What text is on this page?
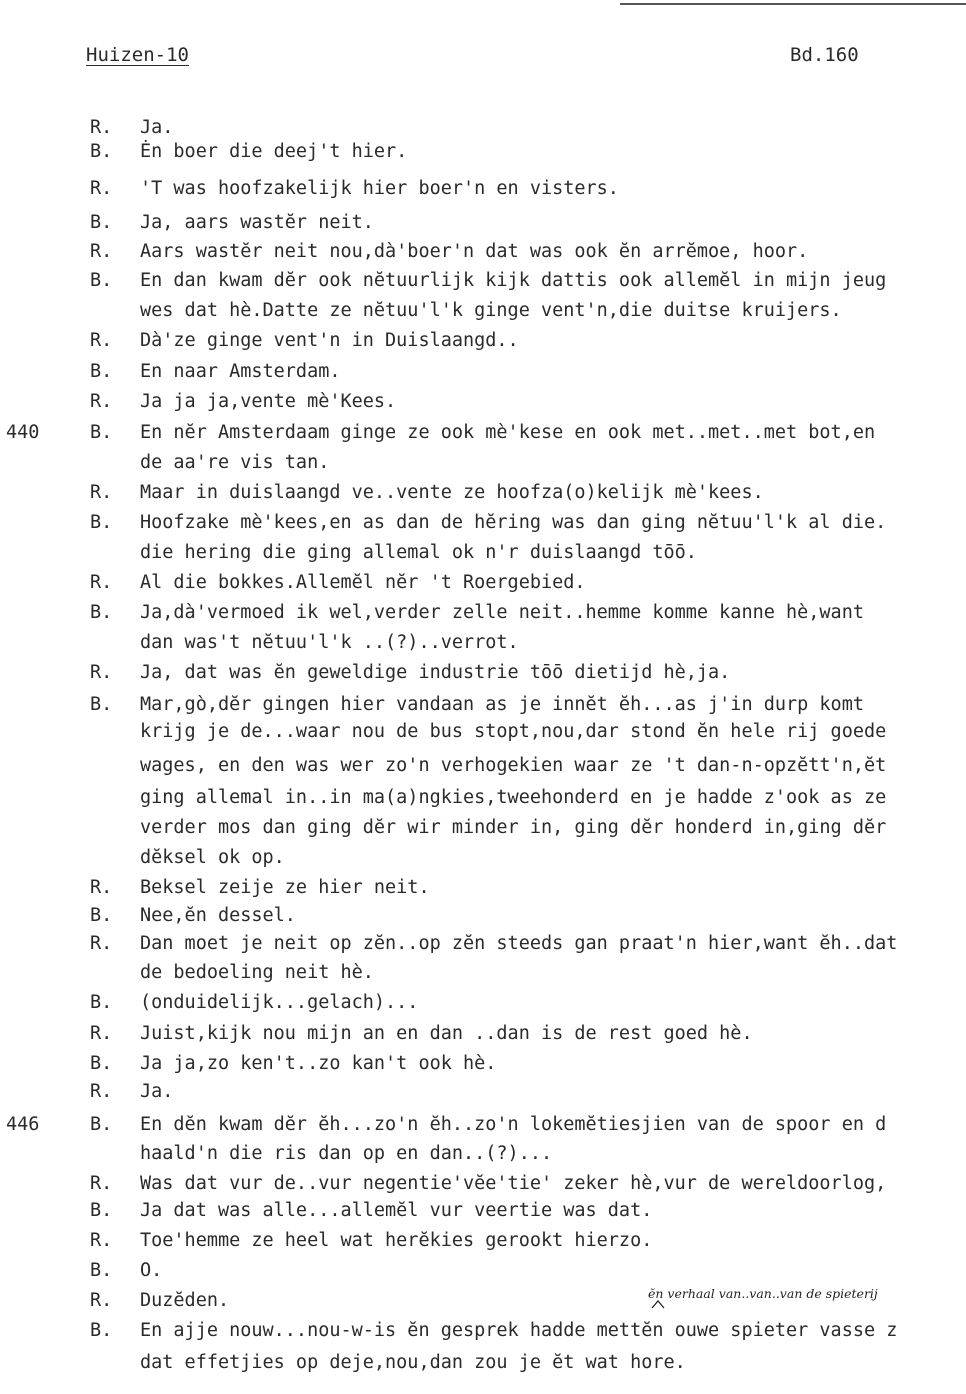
Huizen-10	Bd.160
R. Ja.
B. Ėn boer die deej't hier.
R. 'T was hoofzakelijk hier boer'n en visters.
B. Ja, aars wastĕr neit.
R. Aars wastĕr neit nou,dà'boer'n dat was ook ĕn arrĕmoe, hoor.
B. En dan kwam dĕr ook nĕtuurlijk kijk dattis ook allemĕl in mijn jeug
wes dat hè.Datte ze nĕtuu'l'k ginge vent'n,die duitse kruijers.
R. Dà'ze ginge vent'n in Duislaangd..
B. En naar Amsterdam.
R. Ja ja ja,vente mè'Kees.
440	B. En nĕr Amsterdaam ginge ze ook mè'kese en ook met..met..met bot,en
de aa're vis tan.
R. Maar in duislaangd ve..vente ze hoofza(o)kelijk mè'kees.
B. Hoofzake mè'kees,en as dan de hĕring was dan ging nĕtuu'l'k al die.
die hering die ging allemal ok n'r duislaangd tōō.
R. Al die bokkes.Allemĕl nĕr 't Roergebied.
B. Ja,dà'vermoed ik wel,verder zelle neit..hemme komme kanne hè,want
dan was't nĕtuu'l'k ..(?)..verrot.
R. Ja, dat was ĕn geweldige industrie tōō dietijd hè,ja.
B. Mar,gò,dĕr gingen hier vandaan as je innĕt ĕh...as j'in durp komt
krijg je de...waar nou de bus stopt,nou,dar stond ĕn hele rij goede
wages, en den was wer zo'n verhogekien waar ze 't dan-n-opzĕtt'n,ĕt
ging allemal in..in ma(a)ngkies,tweehonderd en je hadde z'ook as ze
verder mos dan ging dĕr wir minder in, ging dĕr honderd in,ging dĕr
dĕksel ok op.
R. Beksel zeije ze hier neit.
B. Nee,ĕn dessel.
R. Dan moet je neit op zĕn..op zĕn steeds gan praat'n hier,want ĕh..dat
de bedoeling neit hè.
B. (onduidelijk...gelach)...
R. Juist,kijk nou mijn an en dan ..dan is de rest goed hè.
B. Ja ja,zo ken't..zo kan't ook hè.
R. Ja.
446	B. En dĕn kwam dĕr ĕh...zo'n ĕh..zo'n lokemĕtiesjien van de spoor en d
haald'n die ris dan op en dan..(?)...
R. Was dat vur de..vur negentie'vĕe'tie' zeker hè,vur de wereldoorlog,
B. Ja dat was alle...allemĕl vur veertie was dat.
R. Toe'hemme ze heel wat herĕkies gerookt hierzo.
B. O.
R. Duzĕden.
B. En ajje nouw...nou-w-is ĕn gesprek hadde mettĕn ouwe spieter vasse z
dat effetjies op deje,nou,dan zou je ĕt wat hore.
ĕn verhaal van..van..van de spieterij
